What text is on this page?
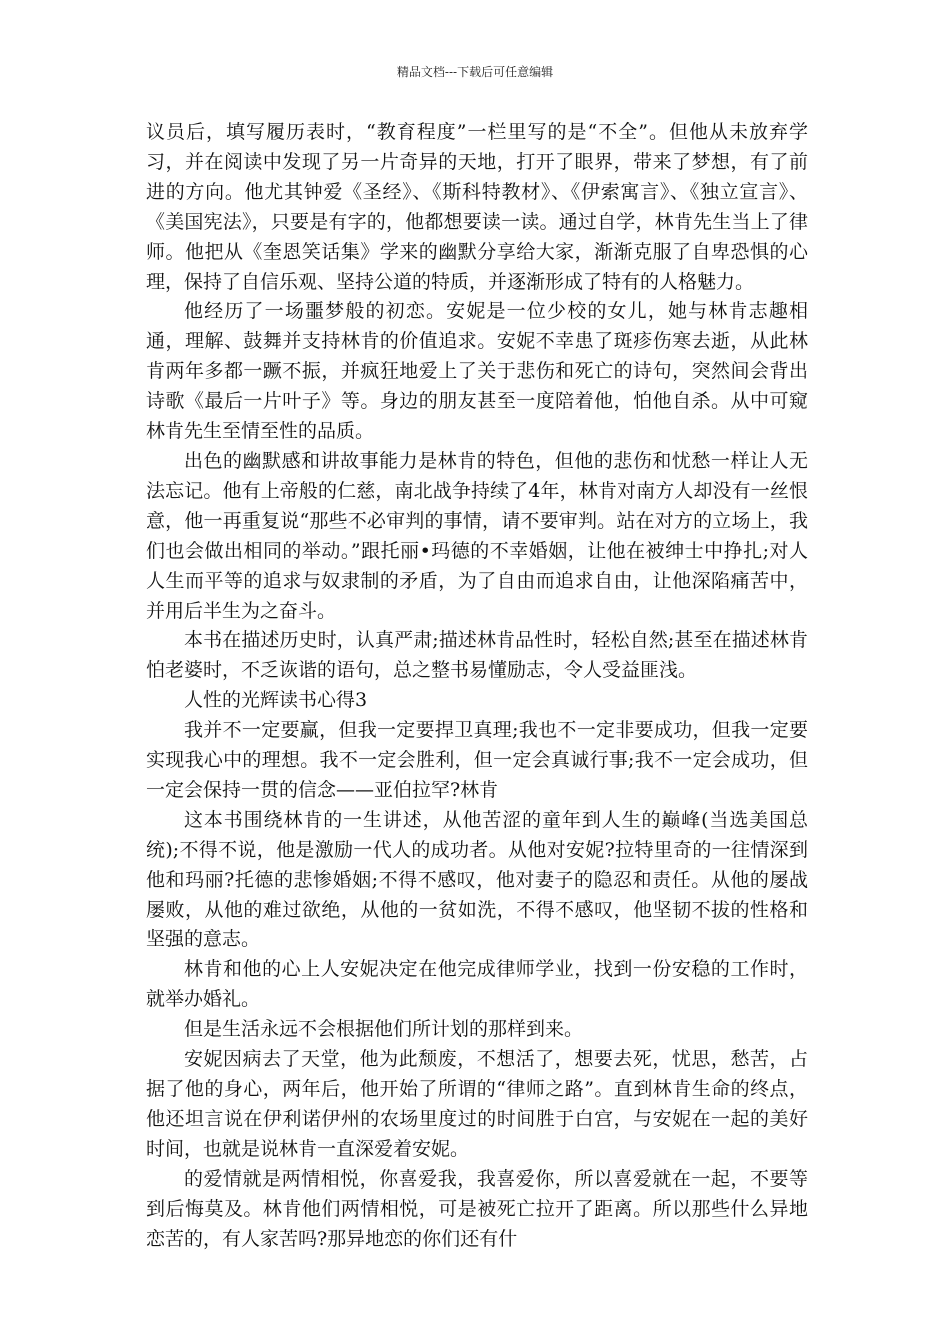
精品文档---下载后可任意编辑

议员后，填写履历表时，“教育程度”一栏里写的是“不全”。但他从未放弃学习，并在阅读中发现了另一片奇异的天地，打开了眼界，带来了梦想，有了前进的方向。他尤其钟爱《圣经》、《斯科特教材》、《伊索寓言》、《独立宣言》、《美国宪法》，只要是有字的，他都想要读一读。通过自学，林肯先生当上了律师。他把从《奎恩笑话集》学来的幽默分享给大家，渐渐克服了自卑恐惧的心理，保持了自信乐观、坚持公道的特质，并逐渐形成了特有的人格魅力。

他经历了一场噩梦般的初恋。安妮是一位少校的女儿，她与林肯志趣相通，理解、鼓舞并支持林肯的价值追求。安妮不幸患了斑疹伤寒去逝，从此林肯两年多都一蹶不振，并疯狂地爱上了关于悲伤和死亡的诗句，突然间会背出诗歌《最后一片叶子》等。身边的朋友甚至一度陪着他，怕他自杀。从中可窥林肯先生至情至性的品质。

出色的幽默感和讲故事能力是林肯的特色，但他的悲伤和忧愁一样让人无法忘记。他有上帝般的仁慈，南北战争持续了4年，林肯对南方人却没有一丝恨意，他一再重复说“那些不必审判的事情，请不要审判。站在对方的立场上，我们也会做出相同的举动。”跟托丽•玛德的不幸婚姻，让他在被绅士中挣扎;对人人生而平等的追求与奴隶制的矛盾，为了自由而追求自由，让他深陷痛苦中，并用后半生为之奋斗。

本书在描述历史时，认真严肃;描述林肯品性时，轻松自然;甚至在描述林肯怕老婆时，不乏诙谐的语句，总之整书易懂励志，令人受益匪浅。

人性的光辉读书心得3

我并不一定要赢，但我一定要捍卫真理;我也不一定非要成功，但我一定要实现我心中的理想。我不一定会胜利，但一定会真诚行事;我不一定会成功，但一定会保持一贯的信念——亚伯拉罕?林肯

这本书围绕林肯的一生讲述，从他苦涩的童年到人生的巅峰(当选美国总统);不得不说，他是激励一代人的成功者。从他对安妮?拉特里奇的一往情深到他和玛丽?托德的悲惨婚姻;不得不感叹，他对妻子的隐忍和责任。从他的屡战屡败，从他的难过欲绝，从他的一贫如洗，不得不感叹，他坚韧不拔的性格和坚强的意志。

林肯和他的心上人安妮决定在他完成律师学业，找到一份安稳的工作时，就举办婚礼。

但是生活永远不会根据他们所计划的那样到来。

安妮因病去了天堂，他为此颓废，不想活了，想要去死，忧思，愁苦，占据了他的身心，两年后，他开始了所谓的“律师之路”。直到林肯生命的终点，他还坦言说在伊利诺伊州的农场里度过的时间胜于白宫，与安妮在一起的美好时间，也就是说林肯一直深爱着安妮。

的爱情就是两情相悦，你喜爱我，我喜爱你，所以喜爱就在一起，不要等到后悔莫及。林肯他们两情相悦，可是被死亡拉开了距离。所以那些什么异地恋苦的，有人家苦吗?那异地恋的你们还有什
